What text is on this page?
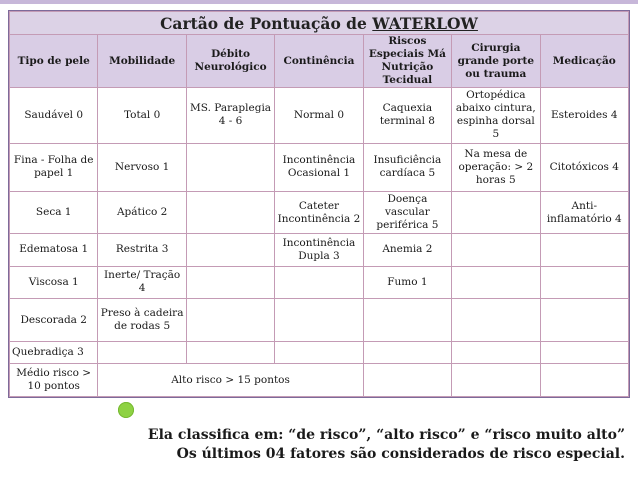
Cartão de Pontuação de WATERLOW						
Tipo de pele	Mobilidade	Débito Neurológico	Continência	Riscos Especiais Má Nutrição Tecidual	Cirurgia grande porte ou trauma	Medicação
Saudável 0	Total 0	MS. Paraplegia 4 - 6	Normal 0	Caquexia terminal 8	Ortopédica abaixo cintura, espinha dorsal 5	Esteroides 4
Fina - Folha de papel 1	Nervoso 1		Incontinência Ocasional 1	Insuficiência cardíaca 5	Na mesa de operação: > 2 horas 5	Citotóxicos 4
Seca 1	Apático 2		Cateter Incontinência 2	Doença vascular periférica 5		Anti-inflamatório 4
Edematosa 1	Restrita 3		Incontinência Dupla 3	Anemia 2		
Viscosa 1	Inerte/ Tração 4			Fumo 1		
Descorada 2	Preso à cadeira de rodas 5					
Quebradiça 3						
Médio risco > 10 pontos	Alto risco > 15 pontos					
Ela classifica em: “de risco”, “alto risco” e “risco muito alto”
Os últimos 04 fatores são considerados de risco especial.
